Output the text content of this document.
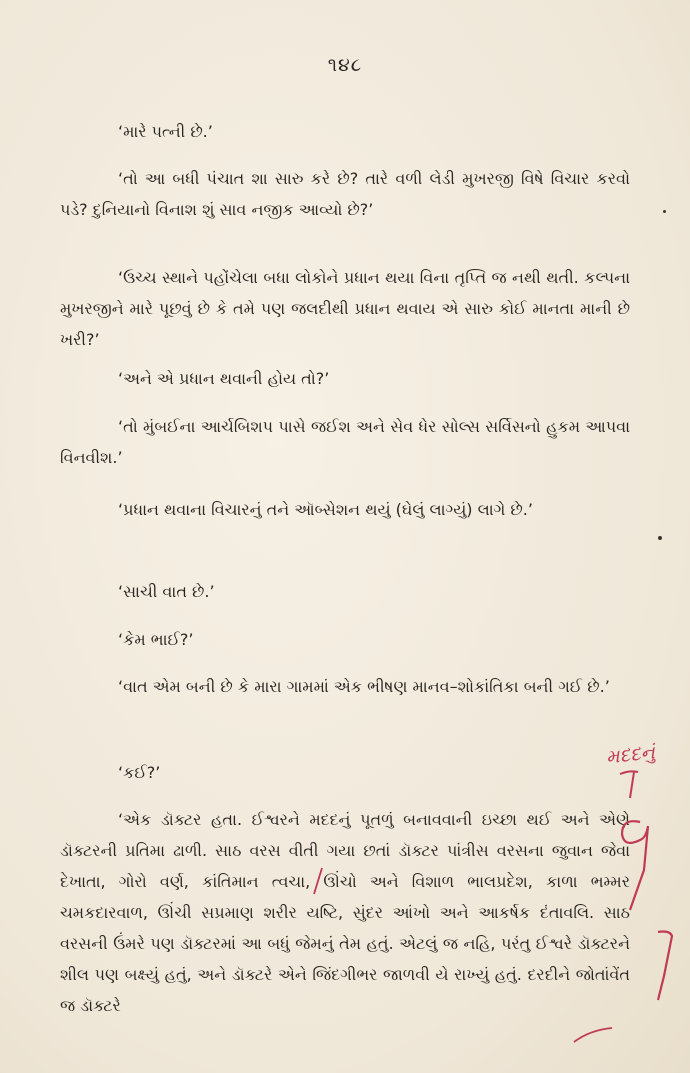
૧૪૮
‘મારે પત્ની છે.’
‘તો આ બધી પંચાત શા સારુ કરે છે? તારે વળી લેડી મુખરજી વિષે વિચાર કરવો પડે? દુનિયાનો વિનાશ શું સાવ નજીક આવ્યો છે?’
‘ઉચ્ચ સ્થાને પહોંચેલા બધા લોકોને પ્રધાન થયા વિના તૃપ્તિ જ નથી થતી. કલ્પના મુખરજીને મારે પૂછવું છે કે તમે પણ જલદીથી પ્રધાન થવાય એ સારુ કોઈ માનતા માની છે ખરી?’
‘અને એ પ્રધાન થવાની હોય તો?’
‘તો મુંબઈના આર્ચબિશપ પાસે જઈશ અને સેવ ધેર સોલ્સ સર્વિસનો હુકમ આપવા વિનવીશ.’
‘પ્રધાન થવાના વિચારનું તને ઑબ્સેશન થયું (ઘેલું લાગ્યું) લાગે છે.’
‘સાચી વાત છે.’
‘કેમ ભાઈ?’
‘વાત એમ બની છે કે મારા ગામમાં એક ભીષણ માનવ–શોકાંતિકા બની ગઈ છે.’
‘કઈ?’
‘એક ડૉક્ટર હતા. ઈશ્વરને મદદનું પૂતળું બનાવવાની ઇચ્છા થઈ અને એણે ડૉક્ટરની પ્રતિમા ઢાળી. સાઠ વરસ વીતી ગયા છતાં ડૉક્ટર પાંત્રીસ વરસના જુવાન જેવા દેખાતા, ગોરો વર્ણ, કાંતિમાન ત્વચા, ઊંચો અને વિશાળ ભાલપ્રદેશ, કાળા ભમ્મર ચમકદારવાળ, ઊંચી સપ્રમાણ શરીર યષ્ટિ, સુંદર આંખો અને આકર્ષક દંતાવલિ. સાઠ વરસની ઉંમરે પણ ડૉક્ટરમાં આ બધું જેમનું તેમ હતું. એટલું જ નહિ, પરંતુ ઈશ્વરે ડૉક્ટરને શીલ પણ બક્ષ્યું હતું, અને ડૉક્ટરે એને જિંદગીભર જાળવી યે રાખ્યું હતું. દરદીને જોતાંવેંત જ ડૉક્ટરે
મદદનું
